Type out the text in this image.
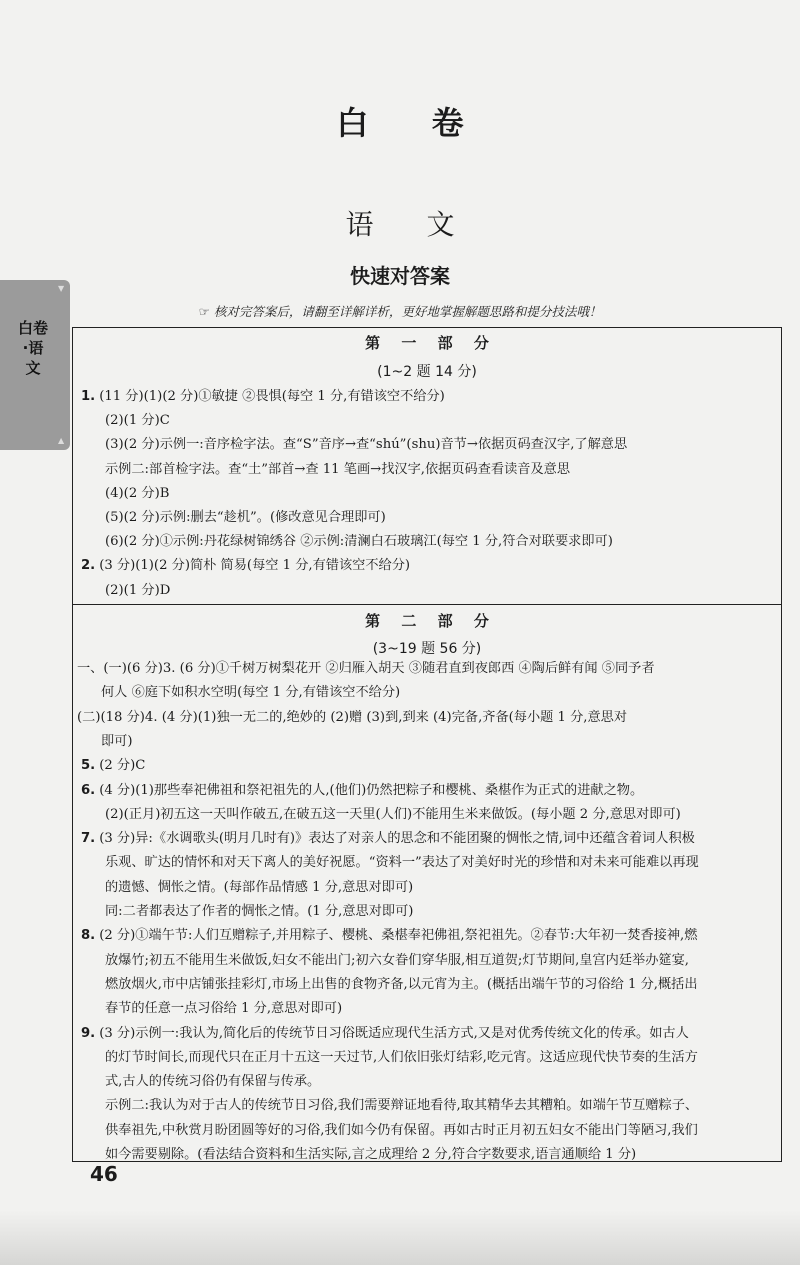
▼
白卷·语文
▲
白 卷
语 文
快速对答案
☞ 核对完答案后，请翻至详解详析，更好地掌握解题思路和提分技法哦！
第 一 部 分
(1~2 题 14 分)
1. (11 分)(1)(2 分)①敏捷 ②畏惧(每空 1 分,有错该空不给分)
(2)(1 分)C
(3)(2 分)示例一:音序检字法。查“S”音序→查“shú”(shu)音节→依据页码查汉字,了解意思
示例二:部首检字法。查“土”部首→查 11 笔画→找汉字,依据页码查看读音及意思
(4)(2 分)B
(5)(2 分)示例:删去“趁机”。(修改意见合理即可)
(6)(2 分)①示例:丹花绿树锦绣谷 ②示例:清澜白石玻璃江(每空 1 分,符合对联要求即可)
2. (3 分)(1)(2 分)简朴 简易(每空 1 分,有错该空不给分)
(2)(1 分)D
第 二 部 分
(3~19 题 56 分)
一、(一)(6 分)3. (6 分)①千树万树梨花开 ②归雁入胡天 ③随君直到夜郎西 ④陶后鲜有闻 ⑤同予者
何人 ⑥庭下如积水空明(每空 1 分,有错该空不给分)
(二)(18 分)4. (4 分)(1)独一无二的,绝妙的 (2)赠 (3)到,到来 (4)完备,齐备(每小题 1 分,意思对
即可)
5. (2 分)C
6. (4 分)(1)那些奉祀佛祖和祭祀祖先的人,(他们)仍然把粽子和樱桃、桑椹作为正式的进献之物。
(2)(正月)初五这一天叫作破五,在破五这一天里(人们)不能用生米来做饭。(每小题 2 分,意思对即可)
7. (3 分)异:《水调歌头(明月几时有)》表达了对亲人的思念和不能团聚的惆怅之情,词中还蕴含着词人积极
乐观、旷达的情怀和对天下离人的美好祝愿。“资料一”表达了对美好时光的珍惜和对未来可能难以再现
的遗憾、惆怅之情。(每部作品情感 1 分,意思对即可)
同:二者都表达了作者的惆怅之情。(1 分,意思对即可)
8. (2 分)①端午节:人们互赠粽子,并用粽子、樱桃、桑椹奉祀佛祖,祭祀祖先。②春节:大年初一焚香接神,燃
放爆竹;初五不能用生米做饭,妇女不能出门;初六女眷们穿华服,相互道贺;灯节期间,皇宫内廷举办筵宴,
燃放烟火,市中店铺张挂彩灯,市场上出售的食物齐备,以元宵为主。(概括出端午节的习俗给 1 分,概括出
春节的任意一点习俗给 1 分,意思对即可)
9. (3 分)示例一:我认为,简化后的传统节日习俗既适应现代生活方式,又是对优秀传统文化的传承。如古人
的灯节时间长,而现代只在正月十五这一天过节,人们依旧张灯结彩,吃元宵。这适应现代快节奏的生活方
式,古人的传统习俗仍有保留与传承。
示例二:我认为对于古人的传统节日习俗,我们需要辩证地看待,取其精华去其糟粕。如端午节互赠粽子、
供奉祖先,中秋赏月盼团圆等好的习俗,我们如今仍有保留。再如古时正月初五妇女不能出门等陋习,我们
如今需要剔除。(看法结合资料和生活实际,言之成理给 2 分,符合字数要求,语言通顺给 1 分)
46
